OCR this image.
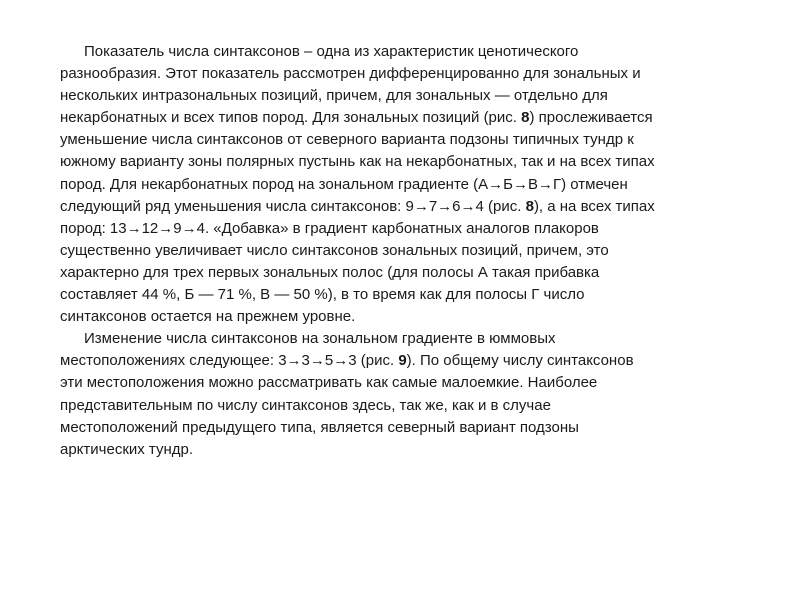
Показатель числа синтаксонов – одна из характеристик ценотического
разнообразия. Этот показатель рассмотрен дифференцированно для зональных и
нескольких интразональных позиций, причем, для зональных — отдельно для
некарбонатных и всех типов пород. Для зональных позиций (рис. 8) прослеживается
уменьшение числа синтаксонов от северного варианта подзоны типичных тундр к
южному варианту зоны полярных пустынь как на некарбонатных, так и на всех типах
пород. Для некарбонатных пород на зональном градиенте (А→Б→В→Г) отмечен
следующий ряд уменьшения числа синтаксонов: 9→7→6→4 (рис. 8), а на всех типах
пород: 13→12→9→4. «Добавка» в градиент карбонатных аналогов плакоров
существенно увеличивает число синтаксонов зональных позиций, причем, это
характерно для трех первых зональных полос (для полосы А такая прибавка
составляет 44 %, Б — 71 %, В — 50 %), в то время как для полосы Г число
синтаксонов остается на прежнем уровне.
Изменение числа синтаксонов на зональном градиенте в юммовых
местоположениях следующее: 3→3→5→3 (рис. 9). По общему числу синтаксонов
эти местоположения можно рассматривать как самые малоемкие. Наиболее
представительным по числу синтаксонов здесь, так же, как и в случае
местоположений предыдущего типа, является северный вариант подзоны
арктических тундр.
